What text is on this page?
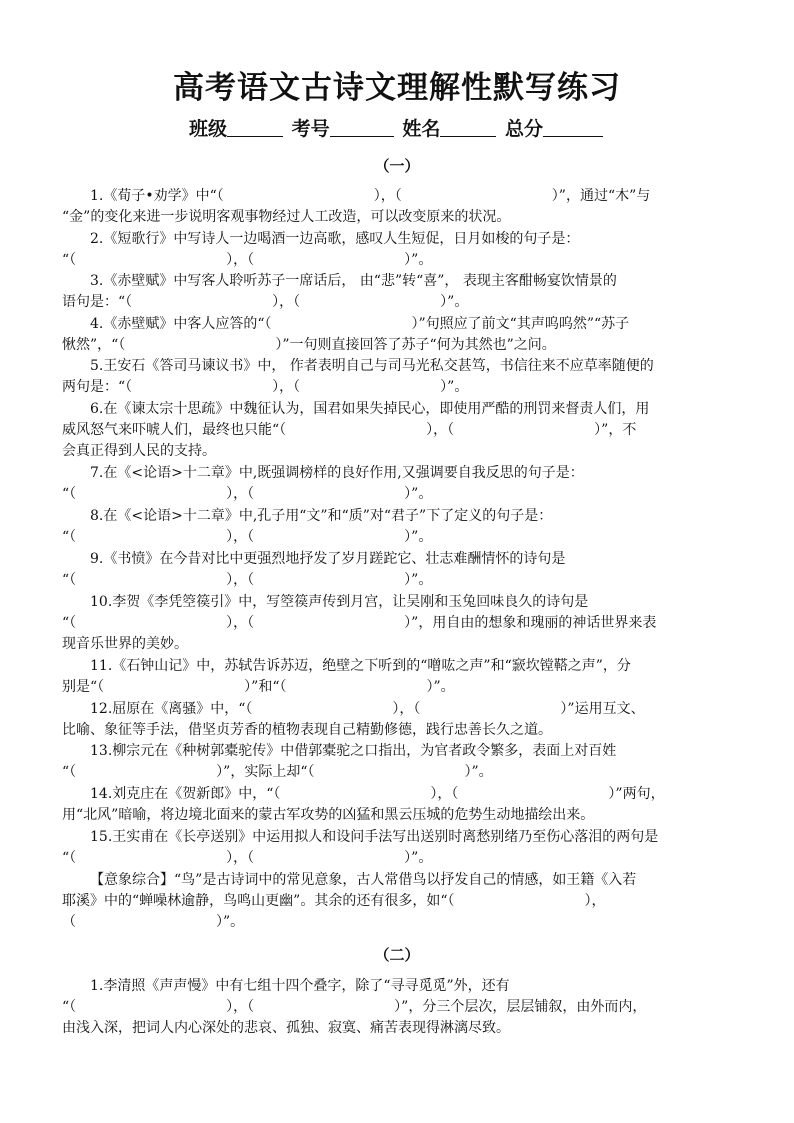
高考语文古诗文理解性默写练习
班级	考号	姓名	总分
（一）
1.《荀子•劝学》中“（	），（	）”，通过“木”与
“金”的变化来进一步说明客观事物经过人工改造，可以改变原来的状况。
2.《短歌行》中写诗人一边喝酒一边高歌，感叹人生短促，日月如梭的句子是：
“（	），（	）”。
3.《赤壁赋》中写客人聆听苏子一席话后， 由“悲”转“喜”， 表现主客酣畅宴饮情景的
语句是：“（	），（	）”。
4.《赤壁赋》中客人应答的“（	）”句照应了前文“其声呜呜然”“苏子
愀然”，“（	）”一句则直接回答了苏子“何为其然也”之问。
5.王安石《答司马谏议书》中， 作者表明自己与司马光私交甚笃，书信往来不应草率随便的
两句是：“（	），（	）”。
6.在《谏太宗十思疏》中魏征认为，国君如果失掉民心，即使用严酷的刑罚来督责人们，用
威风怒气来吓唬人们，最终也只能“（	），（	）”，不
会真正得到人民的支持。
7.在《<论语>十二章》中,既强调榜样的良好作用,又强调要自我反思的句子是：
“（	），（	）”。
8.在《<论语>十二章》中,孔子用“文”和“质”对“君子”下了定义的句子是：
“（	），（	）”。
9.《书愤》在今昔对比中更强烈地抒发了岁月蹉跎它、壮志难酬情怀的诗句是
“（	），（	）”。
10.李贺《李凭箜篌引》中，写箜篌声传到月宫，让吴刚和玉兔回味良久的诗句是
“（	），（	）”，用自由的想象和瑰丽的神话世界来表
现音乐世界的美妙。
11.《石钟山记》中，苏轼告诉苏迈，绝壁之下听到的“噌吰之声”和“窾坎镗鞳之声”，分
别是“（	）”和“（	）”。
12.屈原在《离骚》中，“（	），（	）”运用互文、
比喻、象征等手法，借坚贞芳香的植物表现自己精勤修德，践行忠善长久之道。
13.柳宗元在《种树郭橐驼传》中借郭橐驼之口指出，为官者政令繁多，表面上对百姓
“（	）”，实际上却“（	）”。
14.刘克庄在《贺新郎》中，“（	），（	）”两句，
用“北风”暗喻，将边境北面来的蒙古军攻势的凶猛和黑云压城的危势生动地描绘出来。
15.王实甫在《长亭送别》中运用拟人和设问手法写出送别时离愁别绪乃至伤心落泪的两句是
“（	），（	）”。
【意象综合】“鸟”是古诗词中的常见意象，古人常借鸟以抒发自己的情感，如王籍《入若
耶溪》中的“蝉噪林逾静，鸟鸣山更幽”。其余的还有很多，如“（	），
（	）”。
（二）
1.李清照《声声慢》中有七组十四个叠字，除了“寻寻觅觅”外，还有
“（	），（	）”，分三个层次，层层铺叙，由外而内，
由浅入深，把词人内心深处的悲哀、孤独、寂寞、痛苦表现得淋漓尽致。
